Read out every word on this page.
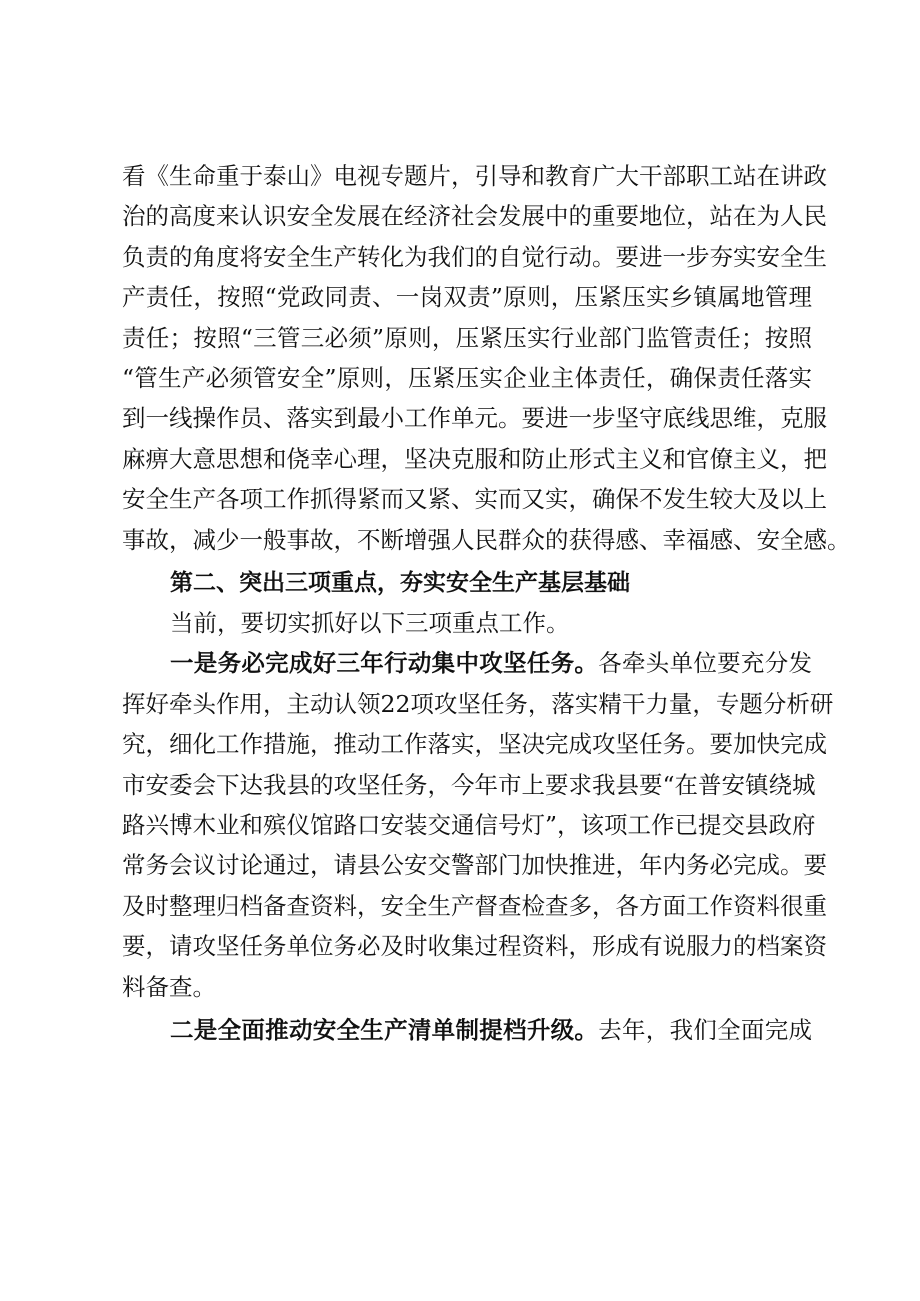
看《生命重于泰山》电视专题片，引导和教育广大干部职工站在讲政
治的高度来认识安全发展在经济社会发展中的重要地位，站在为人民
负责的角度将安全生产转化为我们的自觉行动。要进一步夯实安全生
产责任，按照“党政同责、一岗双责”原则，压紧压实乡镇属地管理
责任；按照“三管三必须”原则，压紧压实行业部门监管责任；按照
“管生产必须管安全”原则，压紧压实企业主体责任，确保责任落实
到一线操作员、落实到最小工作单元。要进一步坚守底线思维，克服
麻痹大意思想和侥幸心理，坚决克服和防止形式主义和官僚主义，把
安全生产各项工作抓得紧而又紧、实而又实，确保不发生较大及以上
事故，减少一般事故，不断增强人民群众的获得感、幸福感、安全感。
第二、突出三项重点，夯实安全生产基层基础
当前，要切实抓好以下三项重点工作。
一是务必完成好三年行动集中攻坚任务。各牵头单位要充分发
挥好牵头作用，主动认领22项攻坚任务，落实精干力量，专题分析研
究，细化工作措施，推动工作落实，坚决完成攻坚任务。要加快完成
市安委会下达我县的攻坚任务，今年市上要求我县要“在普安镇绕城
路兴博木业和殡仪馆路口安装交通信号灯”，该项工作已提交县政府
常务会议讨论通过，请县公安交警部门加快推进，年内务必完成。要
及时整理归档备查资料，安全生产督查检查多，各方面工作资料很重
要，请攻坚任务单位务必及时收集过程资料，形成有说服力的档案资
料备查。
二是全面推动安全生产清单制提档升级。去年，我们全面完成
